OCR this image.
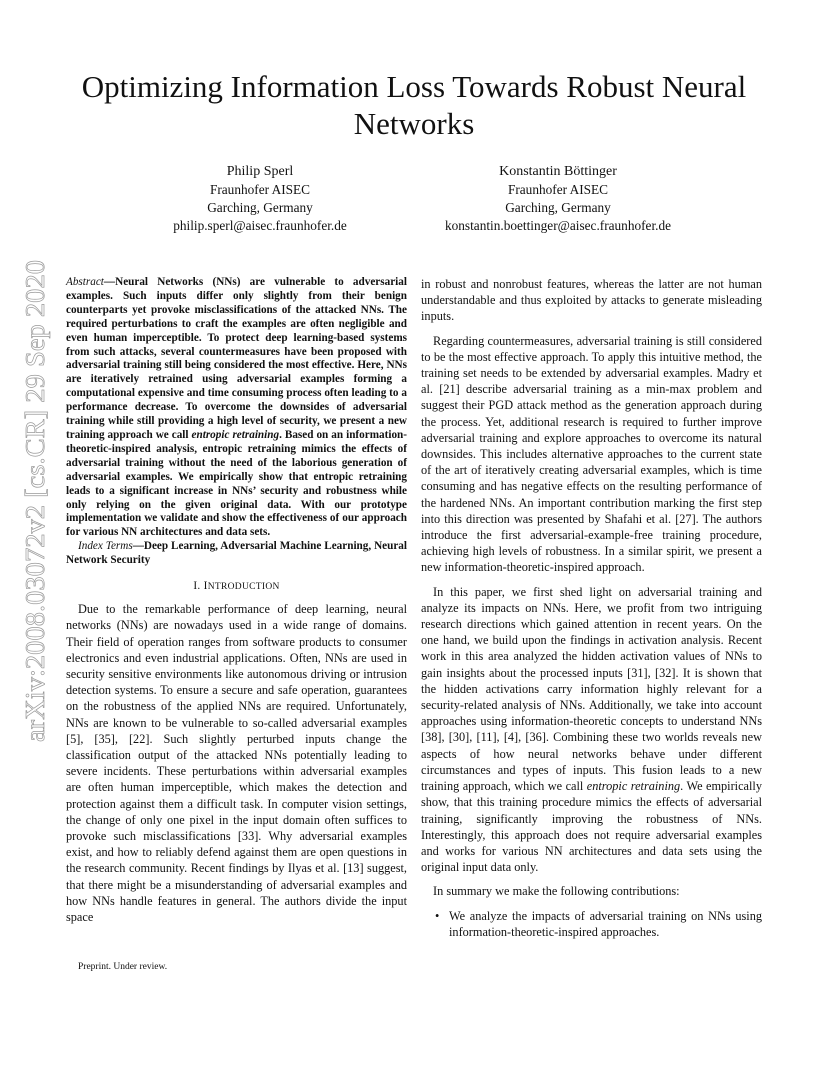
Optimizing Information Loss Towards Robust Neural Networks
Philip Sperl
Fraunhofer AISEC
Garching, Germany
philip.sperl@aisec.fraunhofer.de
Konstantin Böttinger
Fraunhofer AISEC
Garching, Germany
konstantin.boettinger@aisec.fraunhofer.de
arXiv:2008.03072v2 [cs.CR] 29 Sep 2020

Abstract—Neural Networks (NNs) are vulnerable to adversarial examples. Such inputs differ only slightly from their benign counterparts yet provoke misclassifications of the attacked NNs. The required perturbations to craft the examples are often negligible and even human imperceptible. To protect deep learning-based systems from such attacks, several countermeasures have been proposed with adversarial training still being considered the most effective. Here, NNs are iteratively retrained using adversarial examples forming a computational expensive and time consuming process often leading to a performance decrease. To overcome the downsides of adversarial training while still providing a high level of security, we present a new training approach we call entropic retraining. Based on an information-theoretic-inspired analysis, entropic retraining mimics the effects of adversarial training without the need of the laborious generation of adversarial examples. We empirically show that entropic retraining leads to a significant increase in NNs’ security and robustness while only relying on the given original data. With our prototype implementation we validate and show the effectiveness of our approach for various NN architectures and data sets.

Index Terms—Deep Learning, Adversarial Machine Learning, Neural Network Security

I. INTRODUCTION

Due to the remarkable performance of deep learning, neural networks (NNs) are nowadays used in a wide range of domains. Their field of operation ranges from software products to consumer electronics and even industrial applications. Often, NNs are used in security sensitive environments like autonomous driving or intrusion detection systems. To ensure a secure and safe operation, guarantees on the robustness of the applied NNs are required. Unfortunately, NNs are known to be vulnerable to so-called adversarial examples [5], [35], [22]. Such slightly perturbed inputs change the classification output of the attacked NNs potentially leading to severe incidents. These perturbations within adversarial examples are often human imperceptible, which makes the detection and protection against them a difficult task. In computer vision settings, the change of only one pixel in the input domain often suffices to provoke such misclassifications [33]. Why adversarial examples exist, and how to reliably defend against them are open questions in the research community. Recent findings by Ilyas et al. [13] suggest, that there might be a misunderstanding of adversarial examples and how NNs handle features in general. The authors divide the input space

in robust and nonrobust features, whereas the latter are not human understandable and thus exploited by attacks to generate misleading inputs.

Regarding countermeasures, adversarial training is still considered to be the most effective approach. To apply this intuitive method, the training set needs to be extended by adversarial examples. Madry et al. [21] describe adversarial training as a min-max problem and suggest their PGD attack method as the generation approach during the process. Yet, additional research is required to further improve adversarial training and explore approaches to overcome its natural downsides. This includes alternative approaches to the current state of the art of iteratively creating adversarial examples, which is time consuming and has negative effects on the resulting performance of the hardened NNs. An important contribution marking the first step into this direction was presented by Shafahi et al. [27]. The authors introduce the first adversarial-example-free training procedure, achieving high levels of robustness. In a similar spirit, we present a new information-theoretic-inspired approach.

In this paper, we first shed light on adversarial training and analyze its impacts on NNs. Here, we profit from two intriguing research directions which gained attention in recent years. On the one hand, we build upon the findings in activation analysis. Recent work in this area analyzed the hidden activation values of NNs to gain insights about the processed inputs [31], [32]. It is shown that the hidden activations carry information highly relevant for a security-related analysis of NNs. Additionally, we take into account approaches using information-theoretic concepts to understand NNs [38], [30], [11], [4], [36]. Combining these two worlds reveals new aspects of how neural networks behave under different circumstances and types of inputs. This fusion leads to a new training approach, which we call entropic retraining. We empirically show, that this training procedure mimics the effects of adversarial training, significantly improving the robustness of NNs. Interestingly, this approach does not require adversarial examples and works for various NN architectures and data sets using the original input data only.

In summary we make the following contributions:

• We analyze the impacts of adversarial training on NNs using information-theoretic-inspired approaches.
Preprint. Under review.
